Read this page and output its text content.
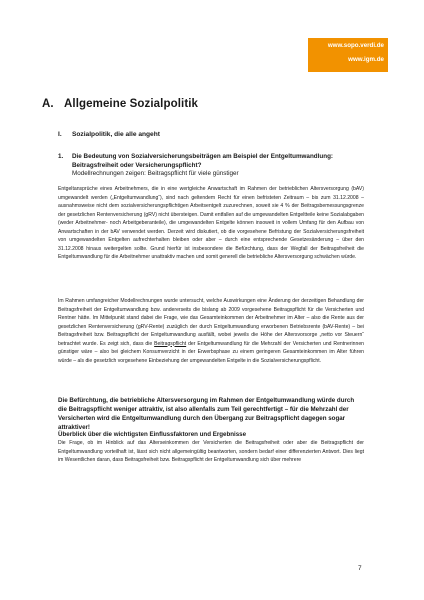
www.sopo.verdi.de
www.igm.de
A. Allgemeine Sozialpolitik
I. Sozialpolitik, die alle angeht
1. Die Bedeutung von Sozialversicherungsbeiträgen am Beispiel der Entgeltumwandlung: Beitragsfreiheit oder Versicherungspflicht?
Modellrechnungen zeigen: Beitragspflicht für viele günstiger
Entgeltansprüche eines Arbeitnehmers, die in eine wertgleiche Anwartschaft im Rahmen der betrieblichen Altersversorgung (bAV) umgewandelt werden („Entgeltumwandlung“), sind nach geltendem Recht für einen befristeten Zeitraum – bis zum 31.12.2008 – ausnahmsweise nicht dem sozialversicherungspflichtigen Arbeitsentgelt zuzurechnen, soweit sie 4 % der Beitragsbemessungsgrenze der gesetzlichen Rentenversicherung (gRV) nicht übersteigen. Damit entfallen auf die umgewandelten Entgeltteile keine Sozialabgaben (weder Arbeitnehmer- noch Arbeitgeberanteile), die umgewandelten Entgelte können insoweit in vollem Umfang für den Aufbau von Anwartschaften in der bAV verwendet werden. Derzeit wird diskutiert, ob die vorgesehene Befristung der Sozialversicherungsfreiheit von umgewandelten Entgelten aufrechterhalten bleiben oder aber – durch eine entsprechende Gesetzesänderung – über den 31.12.2008 hinaus weitergelten sollte. Grund hierfür ist insbesondere die Befürchtung, dass der Wegfall der Beitragsfreiheit die Entgeltumwandlung für die Arbeitnehmer unattraktiv machen und somit generell die betriebliche Altersversorgung schwächen würde.
Im Rahmen umfangreicher Modellrechnungen wurde untersucht, welche Auswirkungen eine Änderung der derzeitigen Behandlung der Beitragsfreiheit der Entgeltumwandlung bzw. andererseits die bislang ab 2009 vorgesehene Beitragspflicht für die Versicherten und Rentner hätte. Im Mittelpunkt stand dabei die Frage, wie das Gesamteinkommen der Arbeitnehmer im Alter – also die Rente aus der gesetzlichen Rentenversicherung (gRV-Rente) zuzüglich der durch Entgeltumwandlung erworbenen Betriebsrente (bAV-Rente) – bei Beitragsfreiheit bzw. Beitragspflicht der Entgeltumwandlung ausfällt, wobei jeweils die Höhe der Altersvorsorge „netto vor Steuern“ betrachtet wurde. Es zeigt sich, dass die Beitragspflicht der Entgeltumwandlung für die Mehrzahl der Versicherten und Rentnerinnen günstiger wäre – also bei gleichem Konsumverzicht in der Erwerbsphase zu einem geringeren Gesamteinkommen im Alter führen würde – als die gesetzlich vorgesehene Einbeziehung der umgewandelten Entgelte in die Sozialversicherungspflicht.
Die Befürchtung, die betriebliche Altersversorgung im Rahmen der Entgeltumwandlung würde durch die Beitragspflicht weniger attraktiv, ist also allenfalls zum Teil gerechtfertigt – für die Mehrzahl der Versicherten wird die Entgeltumwandlung durch den Übergang zur Beitragspflicht dagegen sogar attraktiver!
Überblick über die wichtigsten Einflussfaktoren und Ergebnisse
Die Frage, ob im Hinblick auf das Alterseinkommen der Versicherten die Beitragsfreiheit oder aber die Beitragspflicht der Entgeltumwandlung vorteilhaft ist, lässt sich nicht allgemeingültig beantworten, sondern bedarf einer differenzierten Antwort. Dies liegt im Wesentlichen daran, dass Beitragsfreiheit bzw. Beitragspflicht der Entgeltumwandlung sich über mehrere
7
